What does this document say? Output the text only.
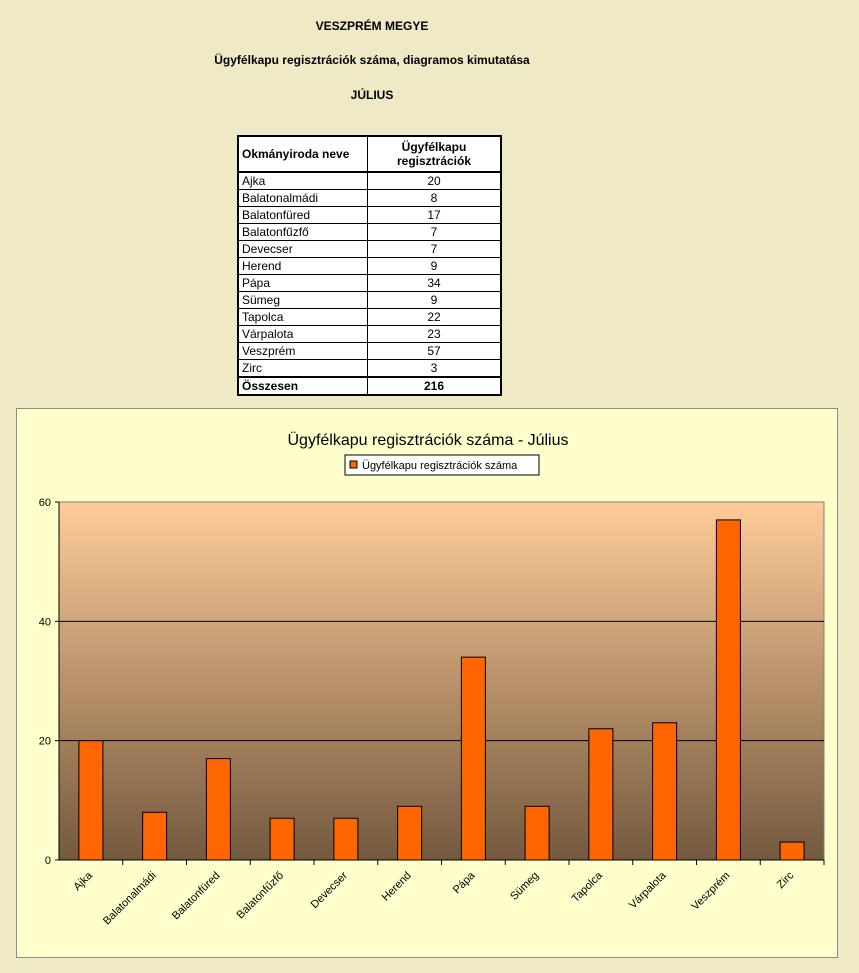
VESZPRÉM MEGYE
Ügyfélkapu regisztrációk száma, diagramos kimutatása
JÚLIUS
Okmányiroda neve	Ügyfélkapu
regisztrációk
Ajka	20
Balatonalmádi	8
Balatonfüred	17
Balatonfűzfő	7
Devecser	7
Herend	9
Pápa	34
Sümeg	9
Tapolca	22
Várpalota	23
Veszprém	57
Zirc	3
Összesen	216
Ügyfélkapu regisztrációk száma - Július
Ügyfélkapu regisztrációk száma
0
20
40
60
Ajka Balatonalmádi Balatonfüred Balatonfűzfő Devecser	Herend	Pápa	Sümeg	Tapolca Várpalota Veszprém	Zirc
